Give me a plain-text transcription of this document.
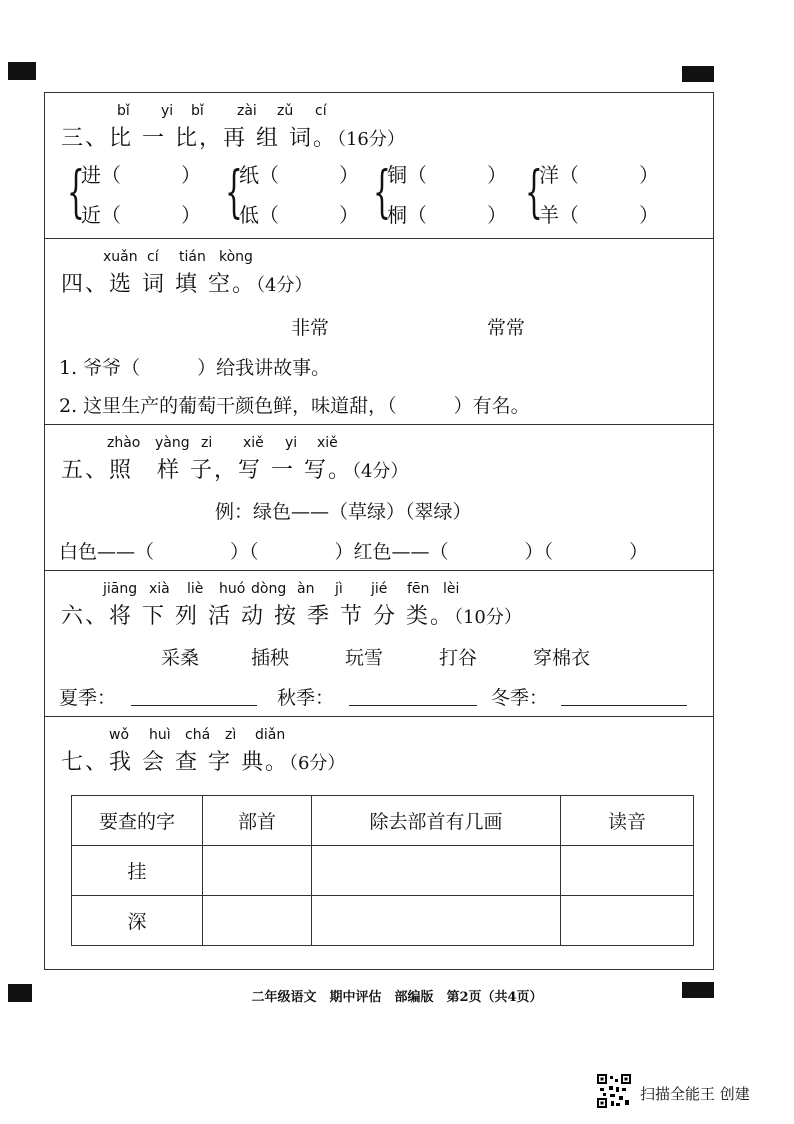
bǐ yi bǐ zài zǔ cí
三、比 一 比，再 组 词。（16分）
{
进（　　　）
近（　　　） {
纸（　　　）
低（　　　） {
铜（　　　）
桐（　　　） {
洋（　　　）
羊（　　　）
xuǎn cí tián kòng
四、选 词 填 空。（4分）
非常	常常
1. 爷爷（　　　）给我讲故事。
2. 这里生产的葡萄干颜色鲜，味道甜，（　　　）有名。
zhào yàng zi xiě yi xiě
五、照　样 子，写 一 写。（4分）
例：绿色——（草绿）（翠绿）
白色——（　　　　）（　　　　）红色——（　　　　）（　　　　）
jiāng xià liè huó dòng àn jì jié fēn lèi
六、将 下 列 活 动 按 季 节 分 类。（10分）
采桑	插秧	玩雪	打谷	穿棉衣
夏季：	秋季：	冬季：
wǒ huì chá zì diǎn
七、我 会 查 字 典。（6分）
要查的字	部首	除去部首有几画	读音
挂			
深			
二年级语文　期中评估　部编版　第2页（共4页）
扫描全能王 创建
